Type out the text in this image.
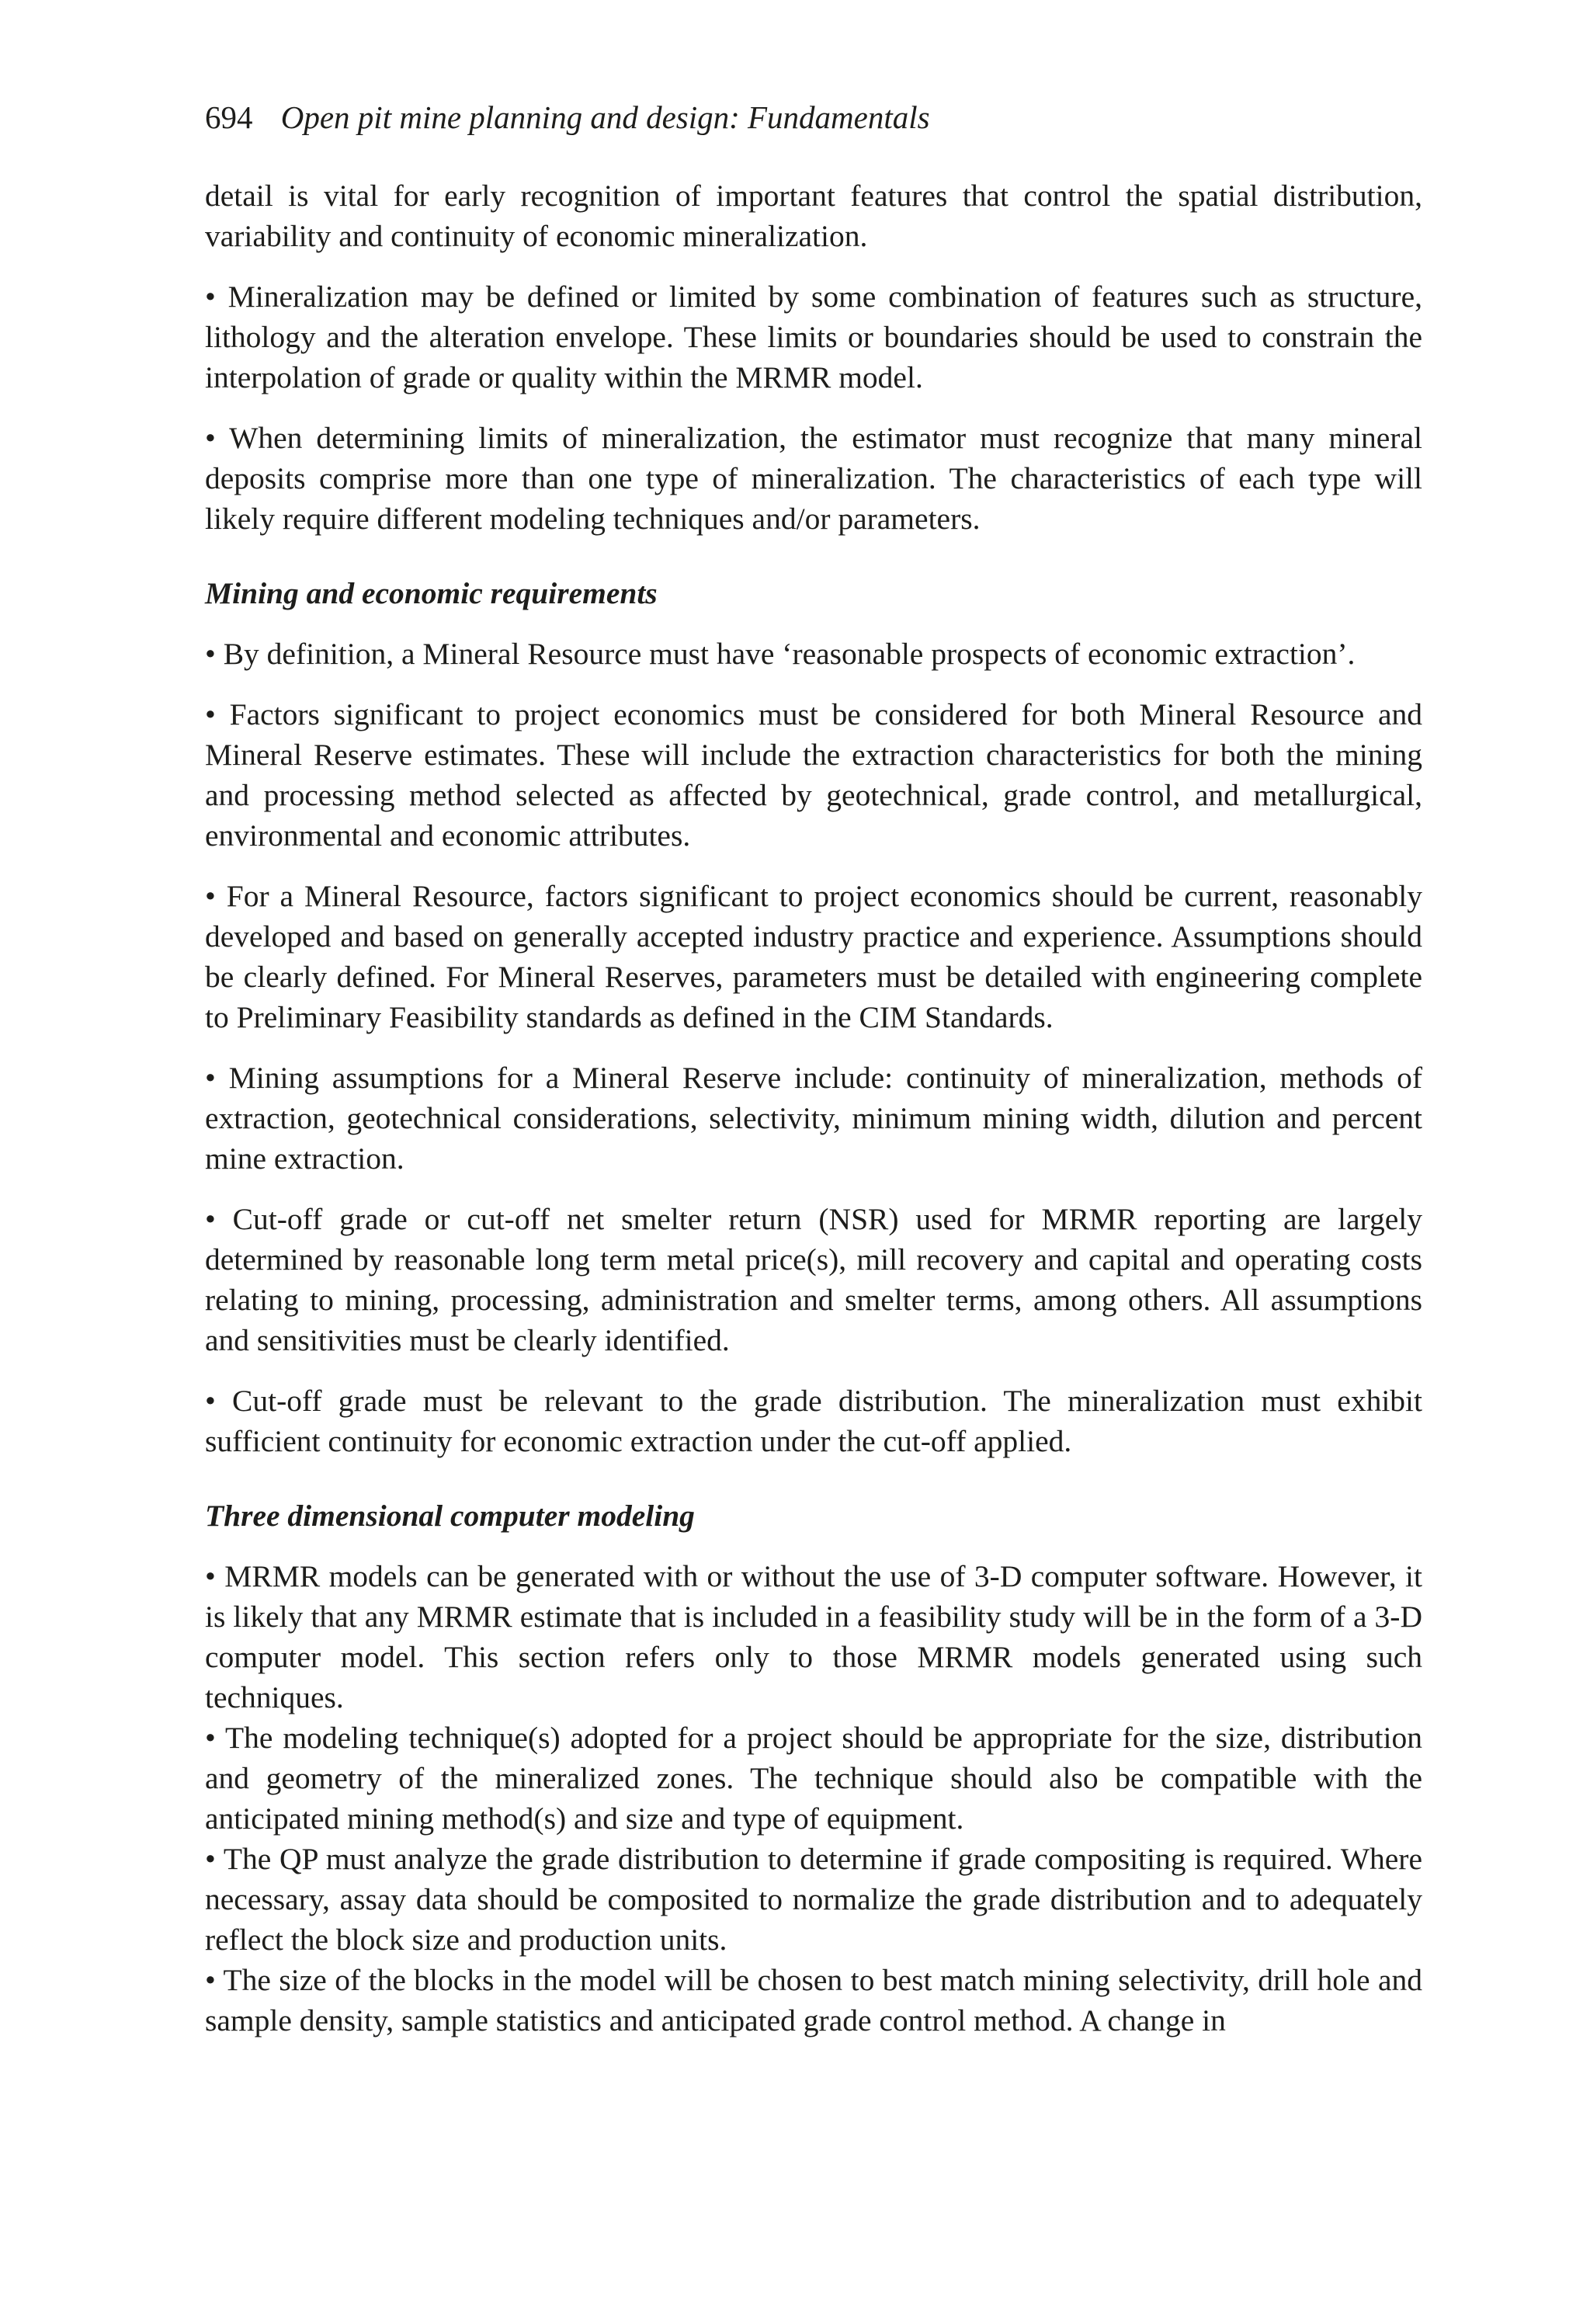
694 Open pit mine planning and design: Fundamentals

detail is vital for early recognition of important features that control the spatial distribution, variability and continuity of economic mineralization.

• Mineralization may be defined or limited by some combination of features such as structure, lithology and the alteration envelope. These limits or boundaries should be used to constrain the interpolation of grade or quality within the MRMR model.

• When determining limits of mineralization, the estimator must recognize that many mineral deposits comprise more than one type of mineralization. The characteristics of each type will likely require different modeling techniques and/or parameters.

Mining and economic requirements

• By definition, a Mineral Resource must have ‘reasonable prospects of economic extraction’.

• Factors significant to project economics must be considered for both Mineral Resource and Mineral Reserve estimates. These will include the extraction characteristics for both the mining and processing method selected as affected by geotechnical, grade control, and metallurgical, environmental and economic attributes.

• For a Mineral Resource, factors significant to project economics should be current, reasonably developed and based on generally accepted industry practice and experience. Assumptions should be clearly defined. For Mineral Reserves, parameters must be detailed with engineering complete to Preliminary Feasibility standards as defined in the CIM Standards.

• Mining assumptions for a Mineral Reserve include: continuity of mineralization, methods of extraction, geotechnical considerations, selectivity, minimum mining width, dilution and percent mine extraction.

• Cut-off grade or cut-off net smelter return (NSR) used for MRMR reporting are largely determined by reasonable long term metal price(s), mill recovery and capital and operating costs relating to mining, processing, administration and smelter terms, among others. All assumptions and sensitivities must be clearly identified.

• Cut-off grade must be relevant to the grade distribution. The mineralization must exhibit sufficient continuity for economic extraction under the cut-off applied.

Three dimensional computer modeling

• MRMR models can be generated with or without the use of 3-D computer software. However, it is likely that any MRMR estimate that is included in a feasibility study will be in the form of a 3-D computer model. This section refers only to those MRMR models generated using such techniques.

• The modeling technique(s) adopted for a project should be appropriate for the size, distribution and geometry of the mineralized zones. The technique should also be compatible with the anticipated mining method(s) and size and type of equipment.

• The QP must analyze the grade distribution to determine if grade compositing is required. Where necessary, assay data should be composited to normalize the grade distribution and to adequately reflect the block size and production units.

• The size of the blocks in the model will be chosen to best match mining selectivity, drill hole and sample density, sample statistics and anticipated grade control method. A change in
